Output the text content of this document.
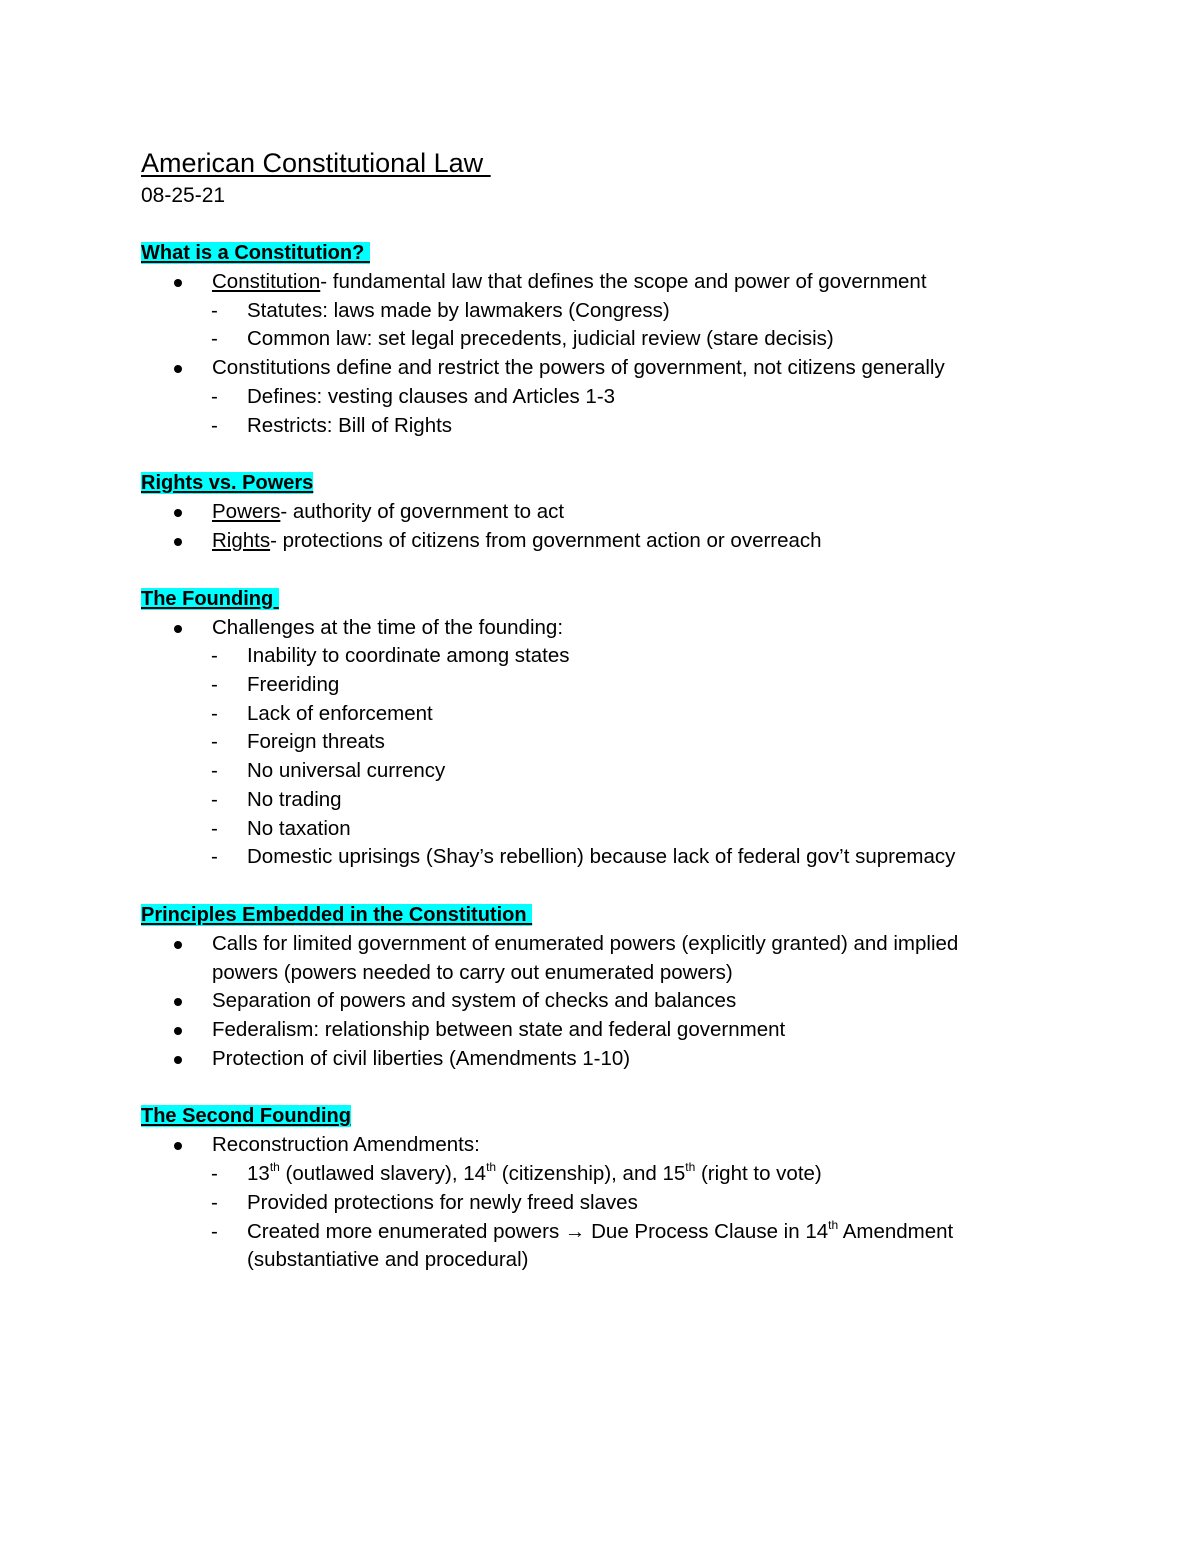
American Constitutional Law
08-25-21
What is a Constitution?
Constitution- fundamental law that defines the scope and power of government
- Statutes: laws made by lawmakers (Congress)
- Common law: set legal precedents, judicial review (stare decisis)
Constitutions define and restrict the powers of government, not citizens generally
- Defines: vesting clauses and Articles 1-3
- Restricts: Bill of Rights
Rights vs. Powers
Powers- authority of government to act
Rights- protections of citizens from government action or overreach
The Founding
Challenges at the time of the founding:
- Inability to coordinate among states
- Freeriding
- Lack of enforcement
- Foreign threats
- No universal currency
- No trading
- No taxation
- Domestic uprisings (Shay’s rebellion) because lack of federal gov’t supremacy
Principles Embedded in the Constitution
Calls for limited government of enumerated powers (explicitly granted) and implied
powers (powers needed to carry out enumerated powers)
Separation of powers and system of checks and balances
Federalism: relationship between state and federal government
Protection of civil liberties (Amendments 1-10)
The Second Founding
Reconstruction Amendments:
- 13th (outlawed slavery), 14th (citizenship), and 15th (right to vote)
- Provided protections for newly freed slaves
- Created more enumerated powers → Due Process Clause in 14th Amendment
(substantiative and procedural)
